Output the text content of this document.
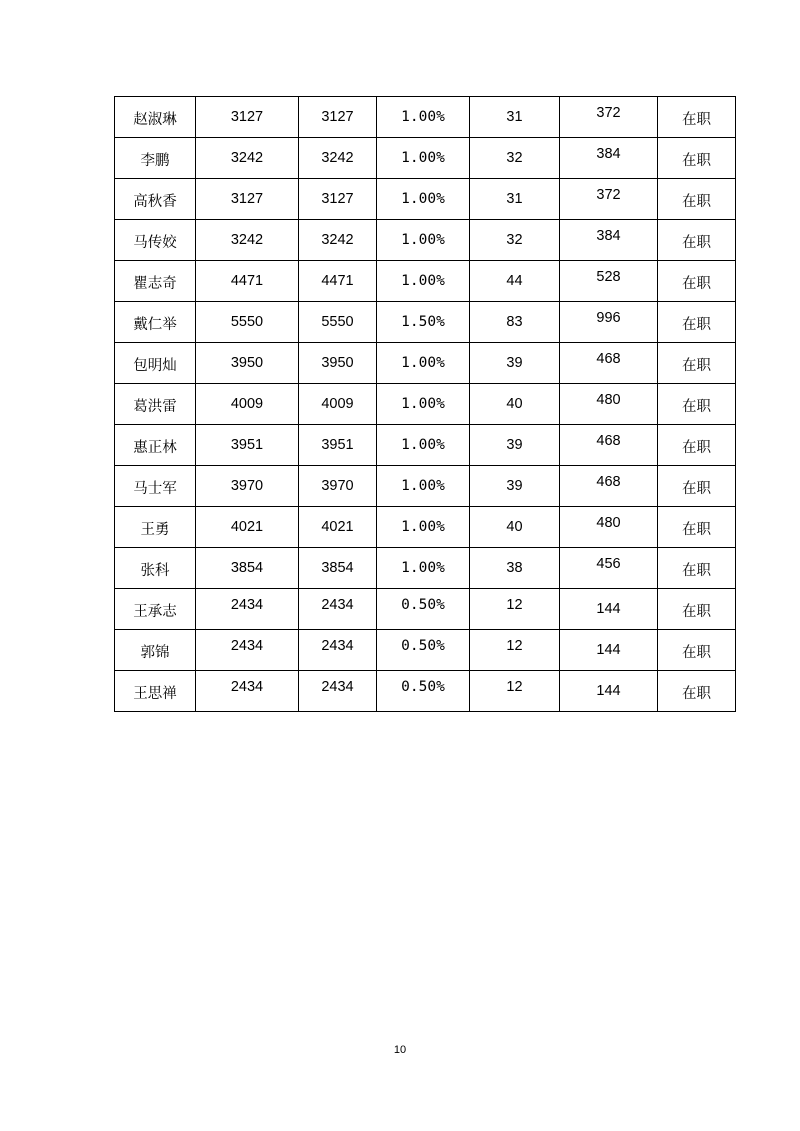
赵淑琳	3127	3127	1.00%	31	372	在职
李鹏	3242	3242	1.00%	32	384	在职
高秋香	3127	3127	1.00%	31	372	在职
马传姣	3242	3242	1.00%	32	384	在职
瞿志奇	4471	4471	1.00%	44	528	在职
戴仁举	5550	5550	1.50%	83	996	在职
包明灿	3950	3950	1.00%	39	468	在职
葛洪雷	4009	4009	1.00%	40	480	在职
惠正林	3951	3951	1.00%	39	468	在职
马士军	3970	3970	1.00%	39	468	在职
王勇	4021	4021	1.00%	40	480	在职
张科	3854	3854	1.00%	38	456	在职
王承志	2434	2434	0.50%	12	144	在职
郭锦	2434	2434	0.50%	12	144	在职
王思禅	2434	2434	0.50%	12	144	在职
10
